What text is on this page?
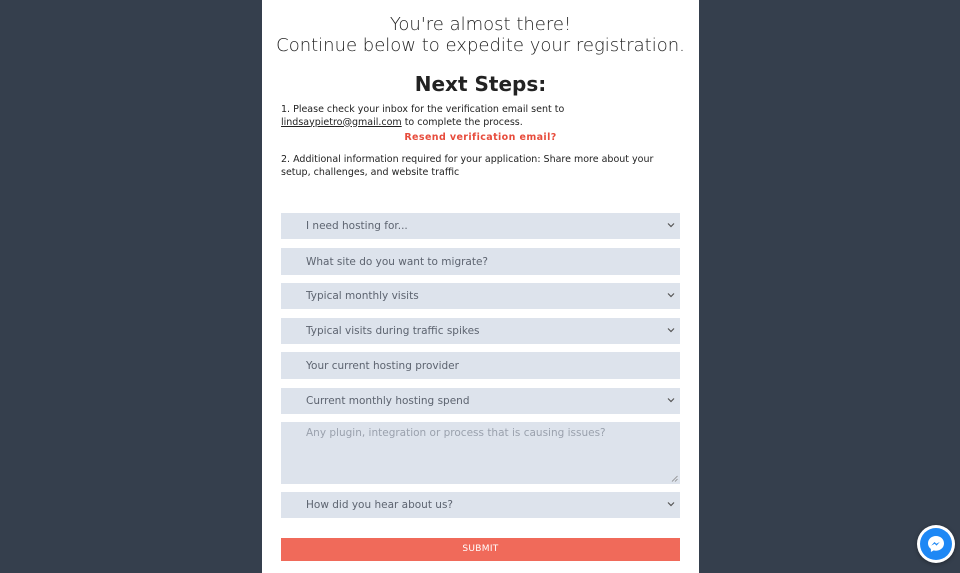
You're almost there!
Continue below to expedite your registration.
Next Steps:
1. Please check your inbox for the verification email sent to lindsaypietro@gmail.com to complete the process.
Resend verification email?
2. Additional information required for your application: Share more about your setup, challenges, and website traffic
I need hosting for...
What site do you want to migrate?
Typical monthly visits
Typical visits during traffic spikes
Your current hosting provider
Current monthly hosting spend
Any plugin, integration or process that is causing issues?
How did you hear about us?
SUBMIT
